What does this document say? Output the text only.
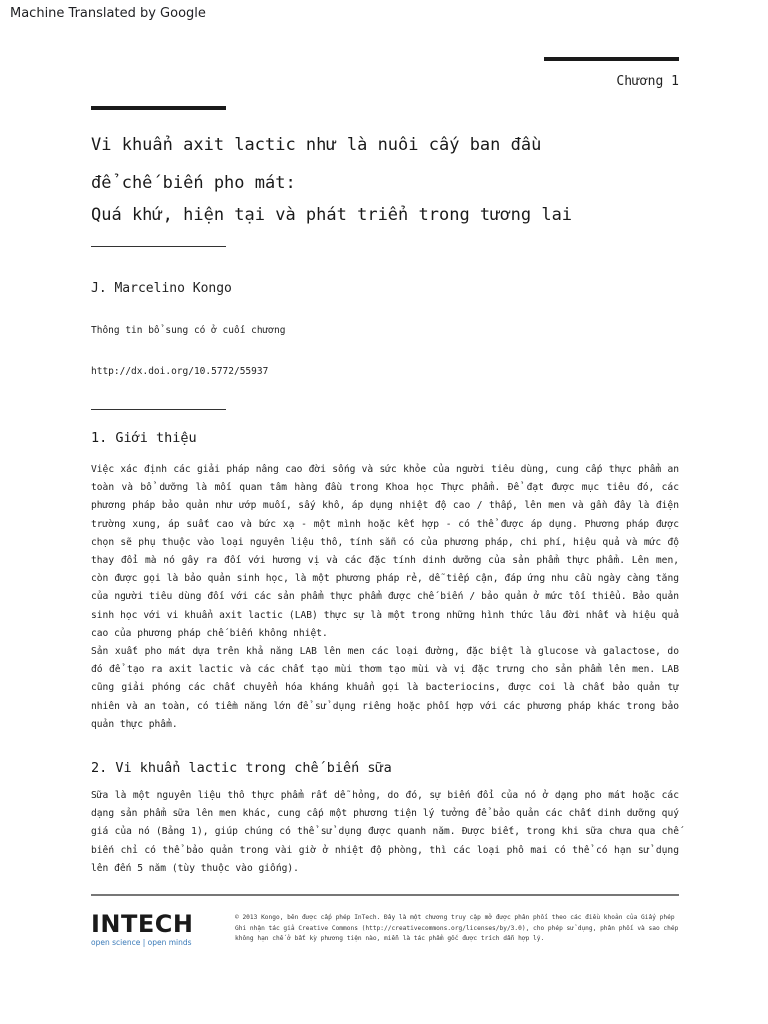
Machine Translated by Google
Chương 1
Vi khuẩn axit lactic như là nuôi cấy ban đầu
để chế biến pho mát:
Quá khứ, hiện tại và phát triển trong tương lai
J. Marcelino Kongo
Thông tin bổ sung có ở cuối chương
http://dx.doi.org/10.5772/55937
1. Giới thiệu

Việc xác định các giải pháp nâng cao đời sống và sức khỏe của người tiêu dùng, cung cấp thực phẩm an toàn và bổ dưỡng là mối quan tâm hàng đầu trong Khoa học Thực phẩm. Để đạt được mục tiêu đó, các phương pháp bảo quản như ướp muối, sấy khô, áp dụng nhiệt độ cao / thấp, lên men và gần đây là điện trường xung, áp suất cao và bức xạ - một mình hoặc kết hợp - có thể được áp dụng. Phương pháp được chọn sẽ phụ thuộc vào loại nguyên liệu thô, tính sẵn có của phương pháp, chi phí, hiệu quả và mức độ thay đổi mà nó gây ra đối với hương vị và các đặc tính dinh dưỡng của sản phẩm thực phẩm. Lên men, còn được gọi là bảo quản sinh học, là một phương pháp rẻ, dễ tiếp cận, đáp ứng nhu cầu ngày càng tăng của người tiêu dùng đối với các sản phẩm thực phẩm được chế biến / bảo quản ở mức tối thiểu. Bảo quản sinh học với vi khuẩn axit lactic (LAB) thực sự là một trong những hình thức lâu đời nhất và hiệu quả cao của phương pháp chế biến không nhiệt.

Sản xuất pho mát dựa trên khả năng LAB lên men các loại đường, đặc biệt là glucose và galactose, do đó để tạo ra axit lactic và các chất tạo mùi thơm tạo mùi và vị đặc trưng cho sản phẩm lên men. LAB cũng giải phóng các chất chuyển hóa kháng khuẩn gọi là bacteriocins, được coi là chất bảo quản tự nhiên và an toàn, có tiềm năng lớn để sử dụng riêng hoặc phối hợp với các phương pháp khác trong bảo quản thực phẩm.

2. Vi khuẩn lactic trong chế biến sữa

Sữa là một nguyên liệu thô thực phẩm rất dễ hỏng, do đó, sự biến đổi của nó ở dạng pho mát hoặc các dạng sản phẩm sữa lên men khác, cung cấp một phương tiện lý tưởng để bảo quản các chất dinh dưỡng quý giá của nó (Bảng 1), giúp chúng có thể sử dụng được quanh năm. Được biết, trong khi sữa chưa qua chế biến chỉ có thể bảo quản trong vài giờ ở nhiệt độ phòng, thì các loại phô mai có thể có hạn sử dụng lên đến 5 năm (tùy thuộc vào giống).

INTECH
open science | open minds
© 2013 Kongo, bên được cấp phép InTech. Đây là một chương truy cập mở được phân phối theo các điều khoản của Giấy phép Ghi nhận tác giả Creative Commons (http://creativecommons.org/licenses/by/3.0), cho phép sử dụng, phân phối và sao chép không hạn chế ở bất kỳ phương tiện nào, miễn là tác phẩm gốc được trích dẫn hợp lý.
